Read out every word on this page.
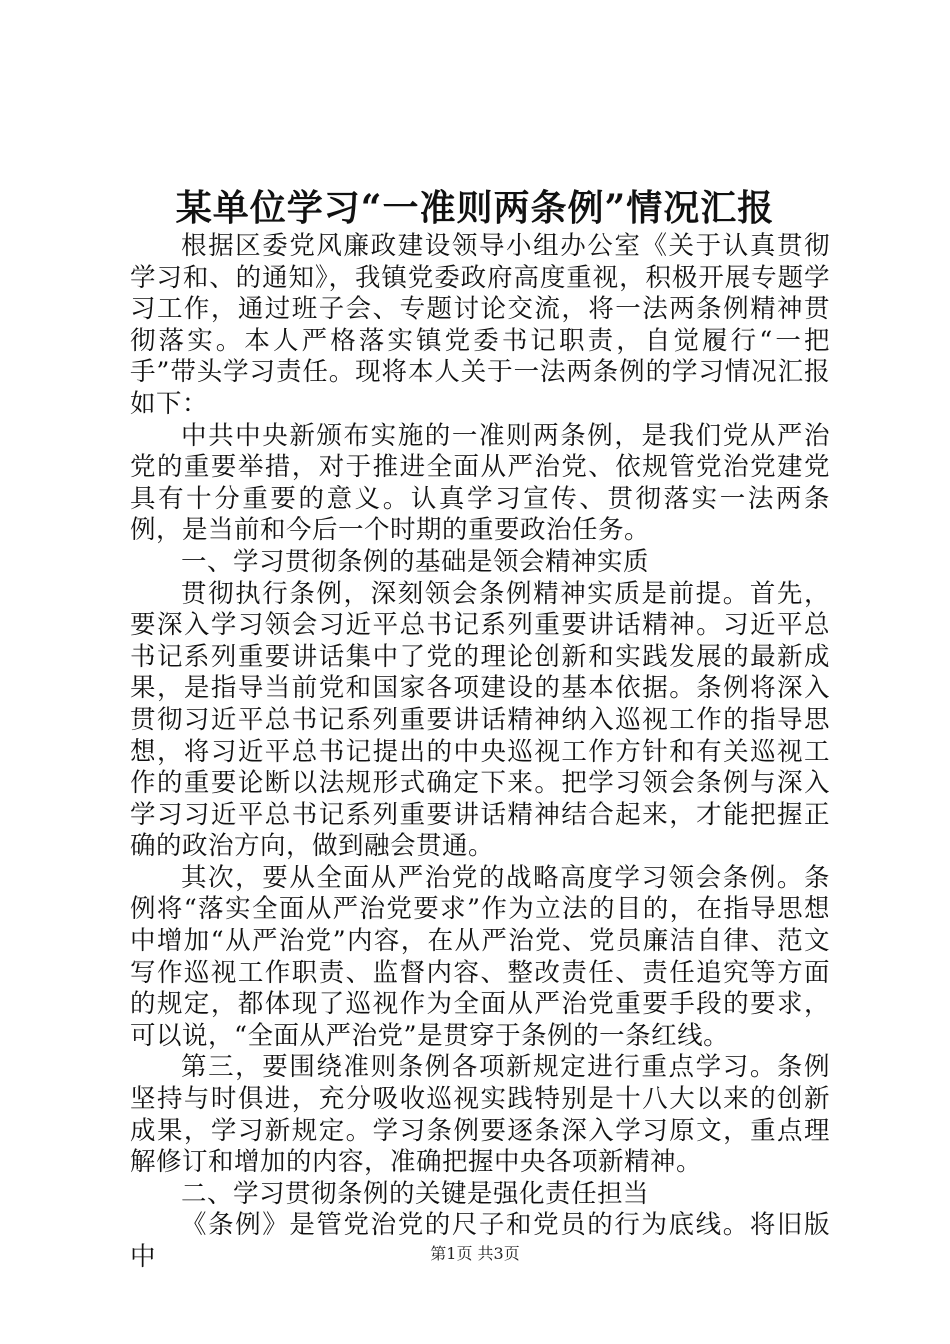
某单位学习“一准则两条例”情况汇报

根据区委党风廉政建设领导小组办公室《关于认真贯彻学习和、的通知》，我镇党委政府高度重视，积极开展专题学习工作，通过班子会、专题讨论交流，将一法两条例精神贯彻落实。本人严格落实镇党委书记职责，自觉履行“一把手”带头学习责任。现将本人关于一法两条例的学习情况汇报如下：

中共中央新颁布实施的一准则两条例，是我们党从严治党的重要举措，对于推进全面从严治党、依规管党治党建党具有十分重要的意义。认真学习宣传、贯彻落实一法两条例，是当前和今后一个时期的重要政治任务。

一、学习贯彻条例的基础是领会精神实质

贯彻执行条例，深刻领会条例精神实质是前提。首先，要深入学习领会习近平总书记系列重要讲话精神。习近平总书记系列重要讲话集中了党的理论创新和实践发展的最新成果，是指导当前党和国家各项建设的基本依据。条例将深入贯彻习近平总书记系列重要讲话精神纳入巡视工作的指导思想，将习近平总书记提出的中央巡视工作方针和有关巡视工作的重要论断以法规形式确定下来。把学习领会条例与深入学习习近平总书记系列重要讲话精神结合起来，才能把握正确的政治方向，做到融会贯通。

其次，要从全面从严治党的战略高度学习领会条例。条例将“落实全面从严治党要求”作为立法的目的，在指导思想中增加“从严治党”内容，在从严治党、党员廉洁自律、范文写作巡视工作职责、监督内容、整改责任、责任追究等方面的规定，都体现了巡视作为全面从严治党重要手段的要求，可以说，“全面从严治党”是贯穿于条例的一条红线。

第三，要围绕准则条例各项新规定进行重点学习。条例坚持与时俱进，充分吸收巡视实践特别是十八大以来的创新成果，学习新规定。学习条例要逐条深入学习原文，重点理解修订和增加的内容，准确把握中央各项新精神。

二、学习贯彻条例的关键是强化责任担当

《条例》是管党治党的尺子和党员的行为底线。将旧版中	第1页 共3页
